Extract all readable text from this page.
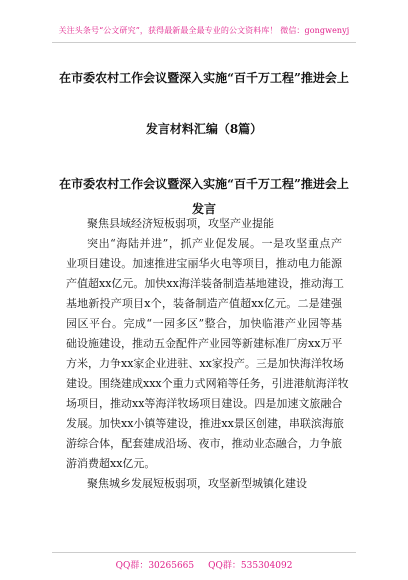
关注头条号“公文研究”，获得最新最全最专业的公文资料库！ 微信：gongwenyj
在市委农村工作会议暨深入实施“百千万工程”推进会上
发言材料汇编（8篇）
在市委农村工作会议暨深入实施“百千万工程”推进会上
发言
聚焦县域经济短板弱项，攻坚产业提能
突出“海陆并进”，抓产业促发展。一是攻坚重点产
业项目建设。加速推进宝丽华火电等项目，推动电力能源
产值超xx亿元。加快xx海洋装备制造基地建设，推动海工
基地新投产项目x个，装备制造产值超xx亿元。二是建强
园区平台。完成“一园多区”整合，加快临港产业园等基
础设施建设，推动五金配件产业园等新建标准厂房xx万平
方米，力争xx家企业进驻、xx家投产。三是加快海洋牧场
建设。围绕建成xxx个重力式网箱等任务，引进港航海洋牧
场项目，推动xx等海洋牧场项目建设。四是加速文旅融合
发展。加快xx小镇等建设，推进xx景区创建，串联滨海旅
游综合体，配套建成沿场、夜市，推动业态融合，力争旅
游消费超xx亿元。
聚焦城乡发展短板弱项，攻坚新型城镇化建设
QQ群：30265665 QQ群：535304092
